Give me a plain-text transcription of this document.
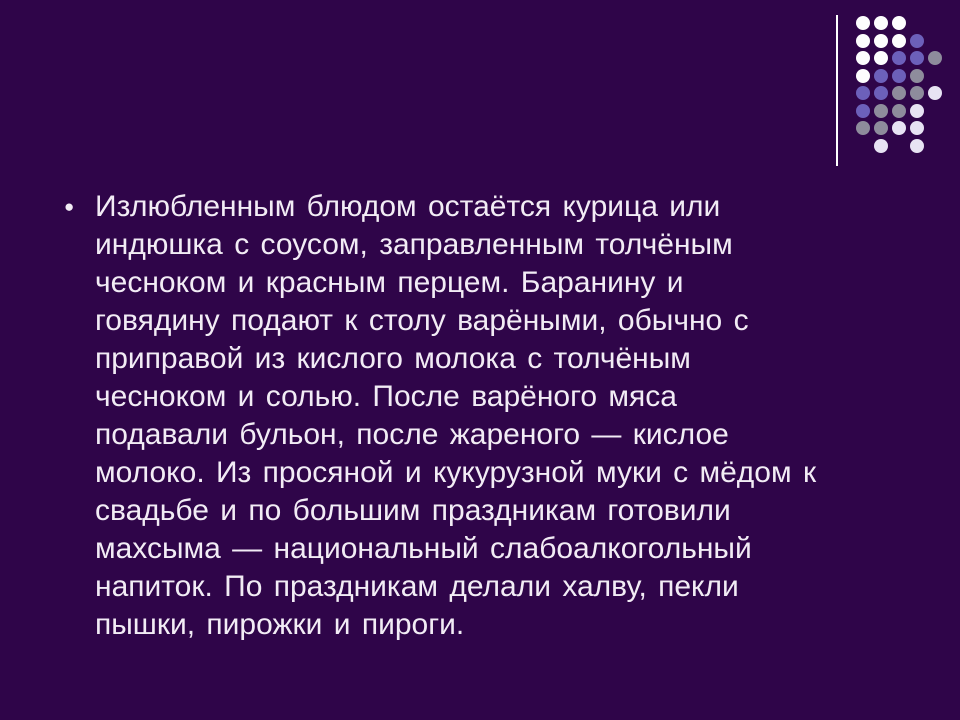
● Излюбленным блюдом остаётся курица или
индюшка с соусом, заправленным толчёным
чесноком и красным перцем. Баранину и
говядину подают к столу варёными, обычно с
приправой из кислого молока с толчёным
чесноком и солью. После варёного мяса
подавали бульон, после жареного — кислое
молоко. Из просяной и кукурузной муки с мёдом к
свадьбе и по большим праздникам готовили
махсыма — национальный слабоалкогольный
напиток. По праздникам делали халву, пекли
пышки, пирожки и пироги.
